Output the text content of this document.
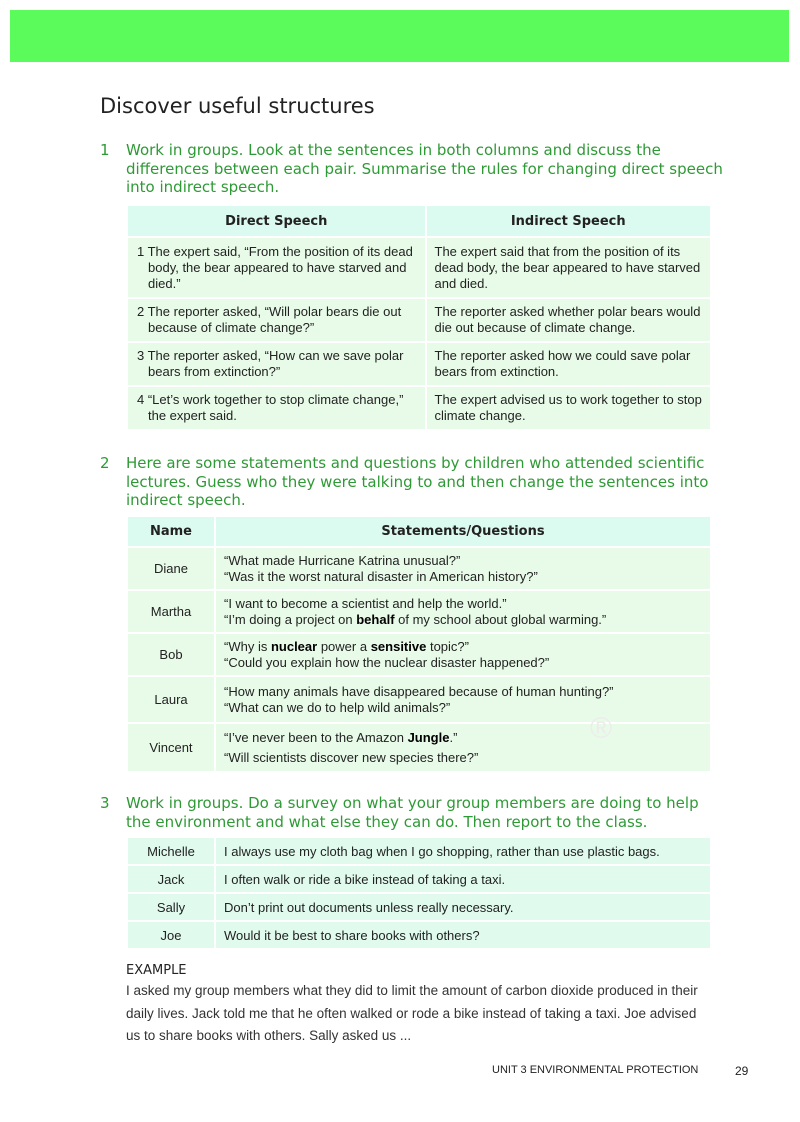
Discover useful structures
1 Work in groups. Look at the sentences in both columns and discuss the differences between each pair. Summarise the rules for changing direct speech into indirect speech.
Direct Speech	Indirect Speech
1 The expert said, “From the position of its dead body, the bear appeared to have starved and died.”	The expert said that from the position of its dead body, the bear appeared to have starved and died.
2 The reporter asked, “Will polar bears die out because of climate change?”	The reporter asked whether polar bears would die out because of climate change.
3 The reporter asked, “How can we save polar bears from extinction?”	The reporter asked how we could save polar bears from extinction.
4 “Let’s work together to stop climate change,” the expert said.	The expert advised us to work together to stop climate change.
2 Here are some statements and questions by children who attended scientific lectures. Guess who they were talking to and then change the sentences into indirect speech.
Name	Statements/Questions
Diane	“What made Hurricane Katrina unusual?”
“Was it the worst natural disaster in American history?”

Martha	“I want to become a scientist and help the world.”
“I’m doing a project on behalf of my school about global warming.”

Bob	“Why is nuclear power a sensitive topic?”
“Could you explain how the nuclear disaster happened?”

Laura	“How many animals have disappeared because of human hunting?”
“What can we do to help wild animals?”

Vincent	“I’ve never been to the Amazon Jungle.”
“Will scientists discover new species there?”
®
3 Work in groups. Do a survey on what your group members are doing to help the environment and what else they can do. Then report to the class.
Michelle	I always use my cloth bag when I go shopping, rather than use plastic bags.
Jack	I often walk or ride a bike instead of taking a taxi.
Sally	Don’t print out documents unless really necessary.
Joe	Would it be best to share books with others?
EXAMPLE

I asked my group members what they did to limit the amount of carbon dioxide produced in their daily lives. Jack told me that he often walked or rode a bike instead of taking a taxi. Joe advised us to share books with others. Sally asked us ...

UNIT 3 ENVIRONMENTAL PROTECTION	29
